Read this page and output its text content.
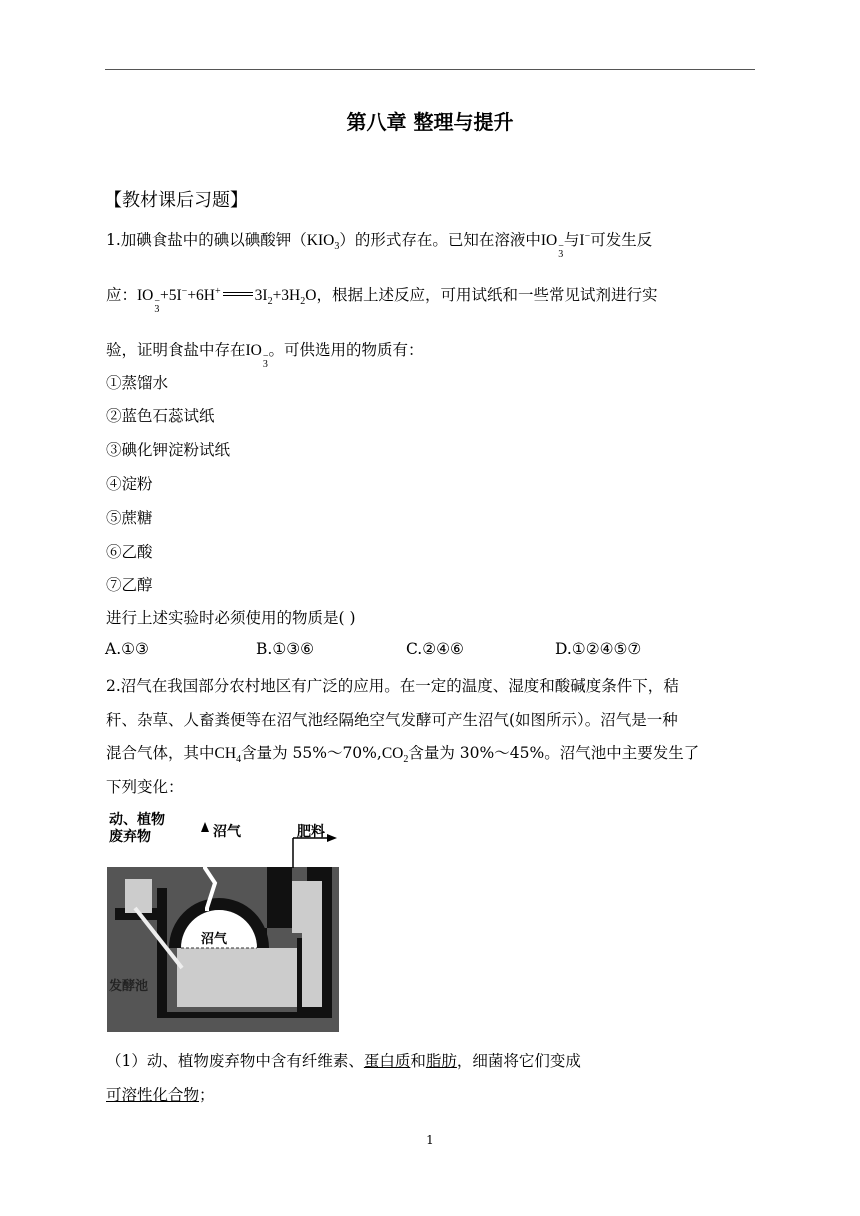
第八章 整理与提升
【教材课后习题】
1.加碘食盐中的碘以碘酸钾$(KIO_3)$的形式存在。已知在溶液中IO −
3
与I−可发生反
应：IO −
3
+5I−+6H+ $3I_2+3H_2O$，根据上述反应，可用试纸和一些常见试剂进行实
验，证明食盐中存在IO −
3
。可供选用的物质有：
①蒸馏水
②蓝色石蕊试纸
③碘化钾淀粉试纸
④淀粉
⑤蔗糖
⑥乙酸
⑦乙醇
进行上述实验时必须使用的物质是( )
A.①③	B.①③⑥	C.②④⑥	D.①②④⑤⑦
2.沼气在我国部分农村地区有广泛的应用。在一定的温度、湿度和酸碱度条件下，秸
秆、杂草、人畜粪便等在沼气池经隔绝空气发酵可产生沼气(如图所示）。沼气是一种
混合气体，其中$CH_4$含量为 $55\%\sim 70\%,CO_2$含量为 30%～45%。沼气池中主要发生了
下列变化：
动、植物
废弃物	沼气	肥料
沼气
发酵池
（1）动、植物废弃物中含有纤维素、蛋白质和脂肪，细菌将它们变成
可溶性化合物；
1
